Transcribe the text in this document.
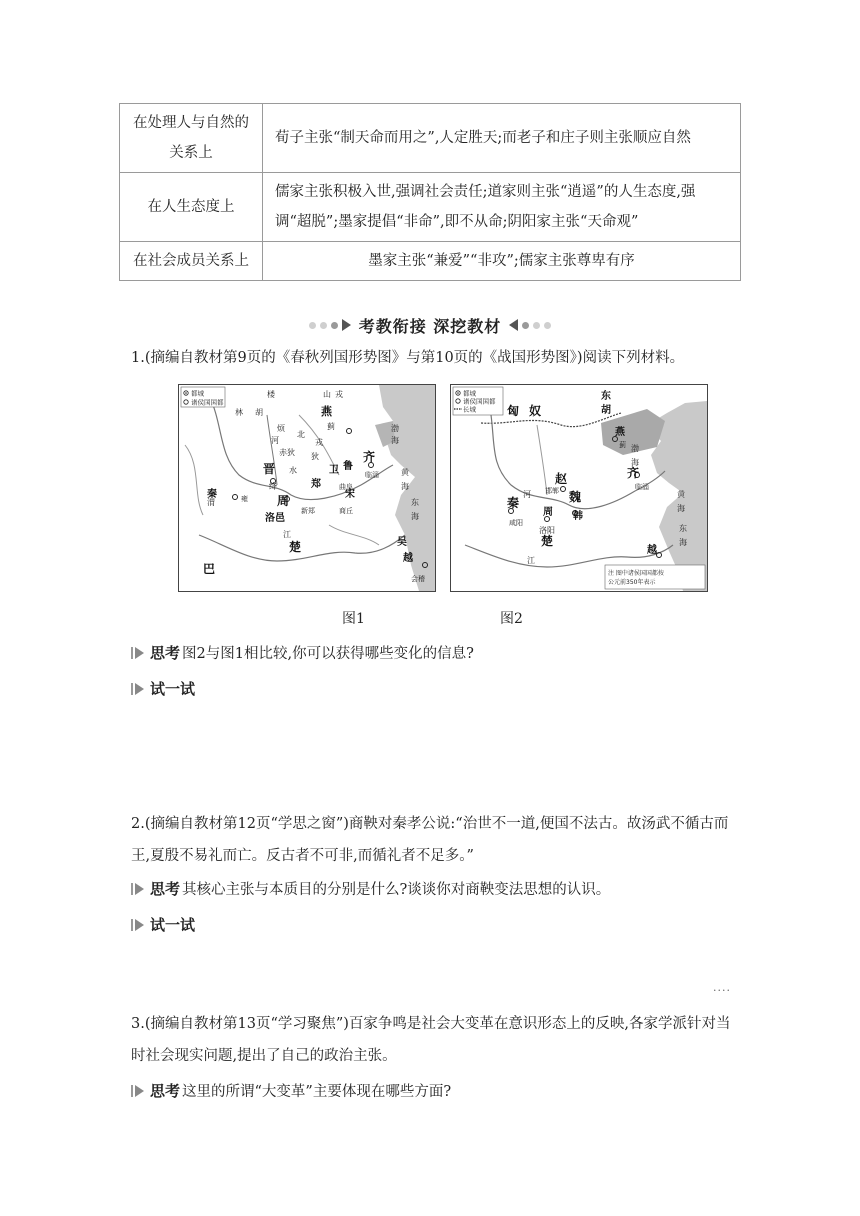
在处理人与自然的关系上	荀子主张“制天命而用之”,人定胜天;而老子和庄子则主张顺应自然
在人生态度上	儒家主张积极入世,强调社会责任;道家则主张“逍遥”的人生态度,强调“超脱”;墨家提倡“非命”,即不从命;阴阳家主张“天命观”
在社会成员关系上	墨家主张“兼爱”“非攻”;儒家主张尊卑有序
考教衔接 深挖教材
1.(摘编自教材第9页的《春秋列国形势图》与第10页的《战国形势图》)阅读下列材料。
都城
诸侯国国都
楼
林 胡
烦
山 戎
燕
蓟
北
戎
狄
赤狄
晋
绛
卫 鲁
曲阜
齐
临淄
秦	雍 周
郑
宋
洛邑
新郑	商丘
渤
海
黄
海
东
海
河
水
渭
江
楚
巴
吴
越
会稽
都城
诸侯国国都
长城
注 图中诸侯国国都按
公元前350年表示
匈 奴
东
胡
燕
蓟
赵
邯郸
齐
临淄
秦
咸阳
周
洛阳
魏
韩
楚
越
渤
海
黄
海
东
海
河
江
图1	图2
思考 图2与图1相比较,你可以获得哪些变化的信息?
试一试
2.(摘编自教材第12页“学思之窗”)商鞅对秦孝公说:“治世不一道,便国不法古。故汤武不循古而王,夏殷不易礼而亡。反古者不可非,而循礼者不足多。”
思考 其核心主张与本质目的分别是什么?谈谈你对商鞅变法思想的认识。
试一试
····
3.(摘编自教材第13页“学习聚焦”)百家争鸣是社会大变革在意识形态上的反映,各家学派针对当时社会现实问题,提出了自己的政治主张。
思考 这里的所谓“大变革”主要体现在哪些方面?
